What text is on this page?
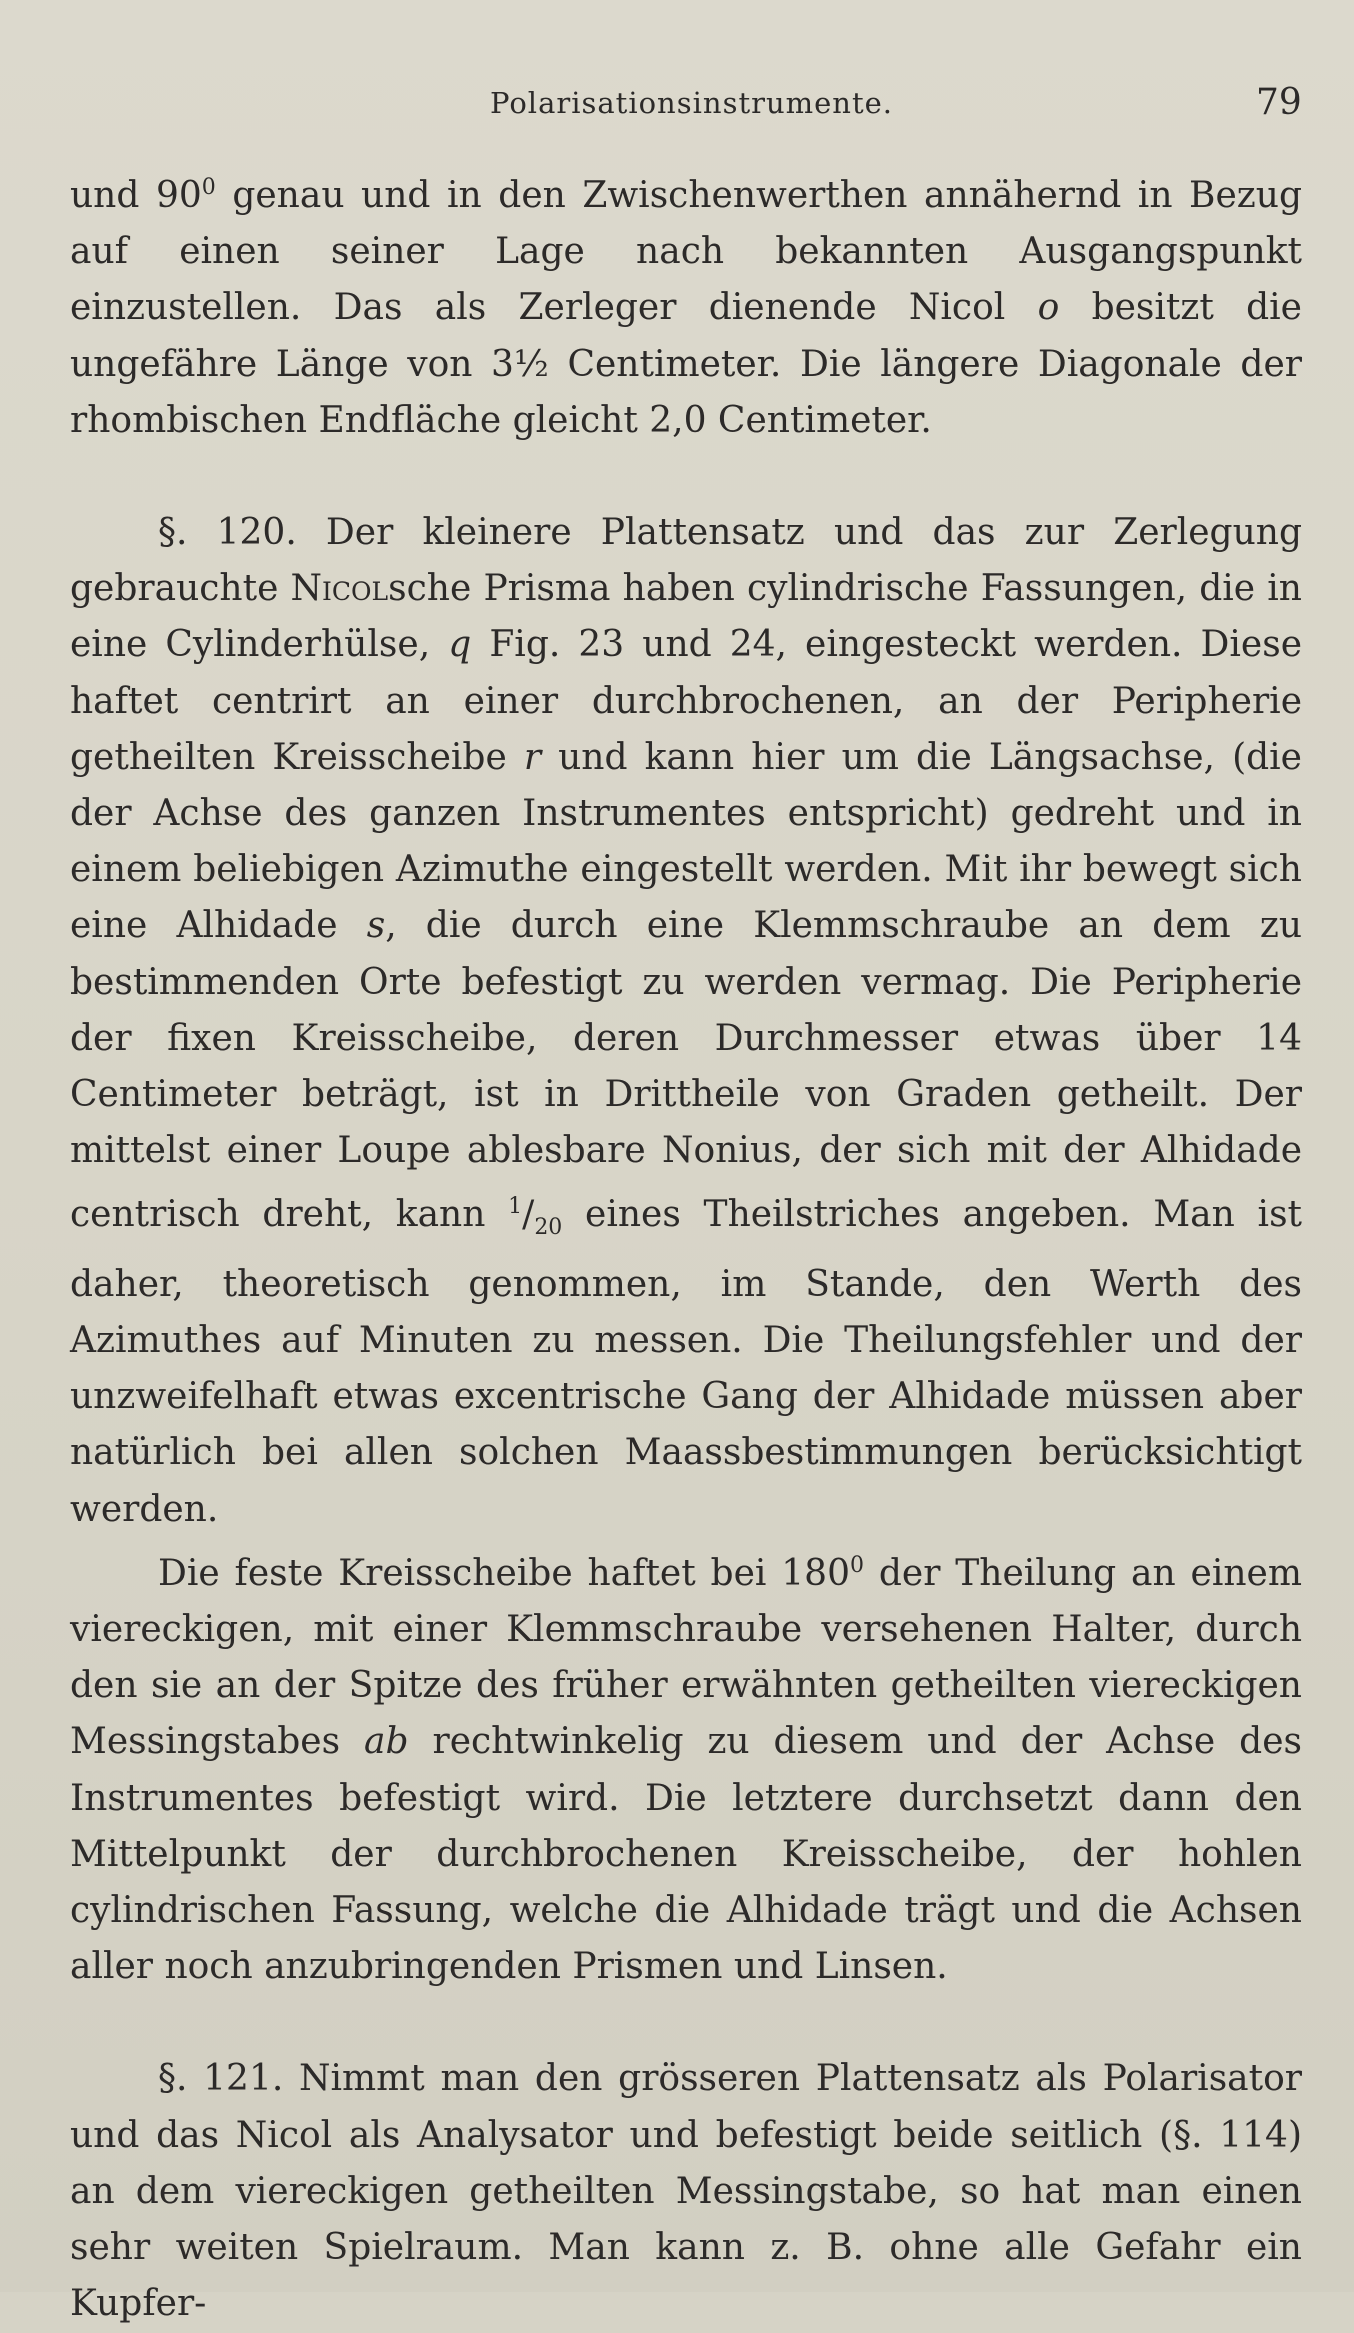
Polarisationsinstrumente.	79

und $90^0$ genau und in den Zwischenwerthen annähernd in Bezug auf einen seiner Lage nach bekannten Ausgangspunkt einzustellen. Das als Zerleger dienende Nicol o besitzt die ungefähre Länge von 3½ Centimeter. Die längere Diagonale der rhombischen Endfläche gleicht 2,0 Centimeter.

§. 120. Der kleinere Plattensatz und das zur Zerlegung gebrauchte Nicolsche Prisma haben cylindrische Fassungen, die in eine Cylinderhülse, q Fig. 23 und 24, eingesteckt werden. Diese haftet centrirt an einer durchbrochenen, an der Peripherie getheilten Kreisscheibe r und kann hier um die Längsachse, (die der Achse des ganzen Instrumentes entspricht) gedreht und in einem beliebigen Azimuthe eingestellt werden. Mit ihr bewegt sich eine Alhidade s, die durch eine Klemmschraube an dem zu bestimmenden Orte befestigt zu werden vermag. Die Peripherie der fixen Kreisscheibe, deren Durchmesser etwas über 14 Centimeter beträgt, ist in Drittheile von Graden getheilt. Der mittelst einer Loupe ablesbare Nonius, der sich mit der Alhidade centrisch dreht, kann $^1/_{20}$ eines Theilstriches angeben. Man ist daher, theoretisch genommen, im Stande, den Werth des Azimuthes auf Minuten zu messen. Die Theilungsfehler und der unzweifelhaft etwas excentrische Gang der Alhidade müssen aber natürlich bei allen solchen Maassbestimmungen berücksichtigt werden.

Die feste Kreisscheibe haftet bei $180^0$ der Theilung an einem viereckigen, mit einer Klemmschraube versehenen Halter, durch den sie an der Spitze des früher erwähnten getheilten viereckigen Messingstabes ab rechtwinkelig zu diesem und der Achse des Instrumentes befestigt wird. Die letztere durchsetzt dann den Mittelpunkt der durchbrochenen Kreisscheibe, der hohlen cylindrischen Fassung, welche die Alhidade trägt und die Achsen aller noch anzubringenden Prismen und Linsen.

§. 121. Nimmt man den grösseren Plattensatz als Polarisator und das Nicol als Analysator und befestigt beide seitlich (§. 114) an dem viereckigen getheilten Messingstabe, so hat man einen sehr weiten Spielraum. Man kann z. B. ohne alle Gefahr ein Kupfer-
